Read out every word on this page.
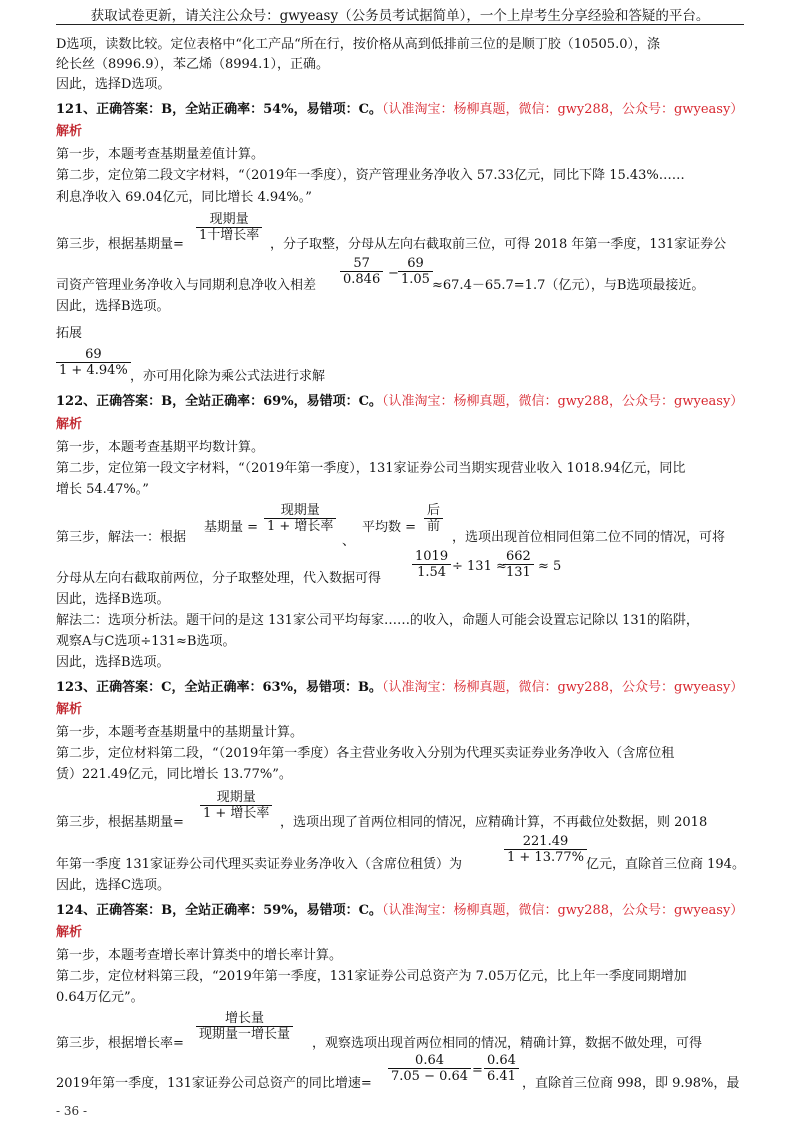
获取试卷更新，请关注公众号：gwyeasy（公务员考试据简单），一个上岸考生分享经验和答疑的平台。
D选项，读数比较。定位表格中“化工产品“所在行，按价格从高到低排前三位的是顺丁胶（10505.0），涤
纶长丝（8996.9），苯乙烯（8994.1），正确。
因此，选择D选项。
121、正确答案：B，全站正确率：54%，易错项：C。（认准淘宝：杨柳真题，微信：gwy288，公众号：gwyeasy）
解析
第一步，本题考查基期量差值计算。
第二步，定位第二段文字材料，“（2019年一季度），资产管理业务净收入 57.33亿元，同比下降 15.43%……
利息净收入 69.04亿元，同比增长 4.94%。”
第三步，根据基期量=
现期量
1十增长率
，分子取整，分母从左向右截取前三位，可得 2018 年第一季度，131家证券公
司资产管理业务净收入与同期利息净收入相差 $\frac{57}{0.846} - \frac{69}{1.05} \approx 67.4-65.7=1.7$（亿元），与B选项最接近。
因此，选择B选项。
拓展
$\frac{69}{1 + 4.94\%}$ ，亦可用化除为乘公式法进行求解
122、正确答案：B，全站正确率：69%，易错项：C。（认准淘宝：杨柳真题，微信：gwy288，公众号：gwyeasy）
解析
第一步，本题考查基期平均数计算。
第二步，定位第一段文字材料，“（2019年第一季度），131家证券公司当期实现营业收入 1018.94亿元，同比
增长 54.47%。”
第三步，解法一：根据
基期量 =
现期量
1 + 增长率
、
平均数 =
后
前
，选项出现首位相同但第二位不同的情况，可将
分母从左向右截取前两位，分子取整处理，代入数据可得 $\frac{1019}{1.54} \div 131$ ≈
$\frac{662}{131} \approx 5$
因此，选择B选项。
解法二：选项分析法。题干问的是这 131家公司平均每家……的收入，命题人可能会设置忘记除以 131的陷阱，
观察A与C选项÷131≈B选项。
因此，选择B选项。
123、正确答案：C，全站正确率：63%，易错项：B。（认准淘宝：杨柳真题，微信：gwy288，公众号：gwyeasy）
解析
第一步，本题考查基期量中的基期量计算。
第二步，定位材料第二段，“（2019年第一季度）各主营业务收入分别为代理买卖证券业务净收入（含席位租
赁）221.49亿元，同比增长 13.77%”。
第三步，根据基期量=
现期量
1 + 增长率
，选项出现了首两位相同的情况，应精确计算，不再截位处数据，则 2018
年第一季度 131家证券公司代理买卖证券业务净收入（含席位租赁）为	$\frac{221.49}{1 + 13.77\%}$ 亿元，直除首三位商 194。
因此，选择C选项。
124、正确答案：B，全站正确率：59%，易错项：C。（认准淘宝：杨柳真题，微信：gwy288，公众号：gwyeasy）
解析
第一步，本题考查增长率计算类中的增长率计算。
第二步，定位材料第三段，“2019年第一季度，131家证券公司总资产为 7.05万亿元，比上年一季度同期增加
0.64万亿元”。
第三步，根据增长率=
增长量
现期量一增长量
，观察选项出现首两位相同的情况，精确计算，数据不做处理，可得
2019年第一季度，131家证券公司总资产的同比增速= $\frac{0.64}{7.05 - 0.64} = \frac{0.64}{6.41}$ ，直除首三位商 998，即 9.98%，最
- 36 -
